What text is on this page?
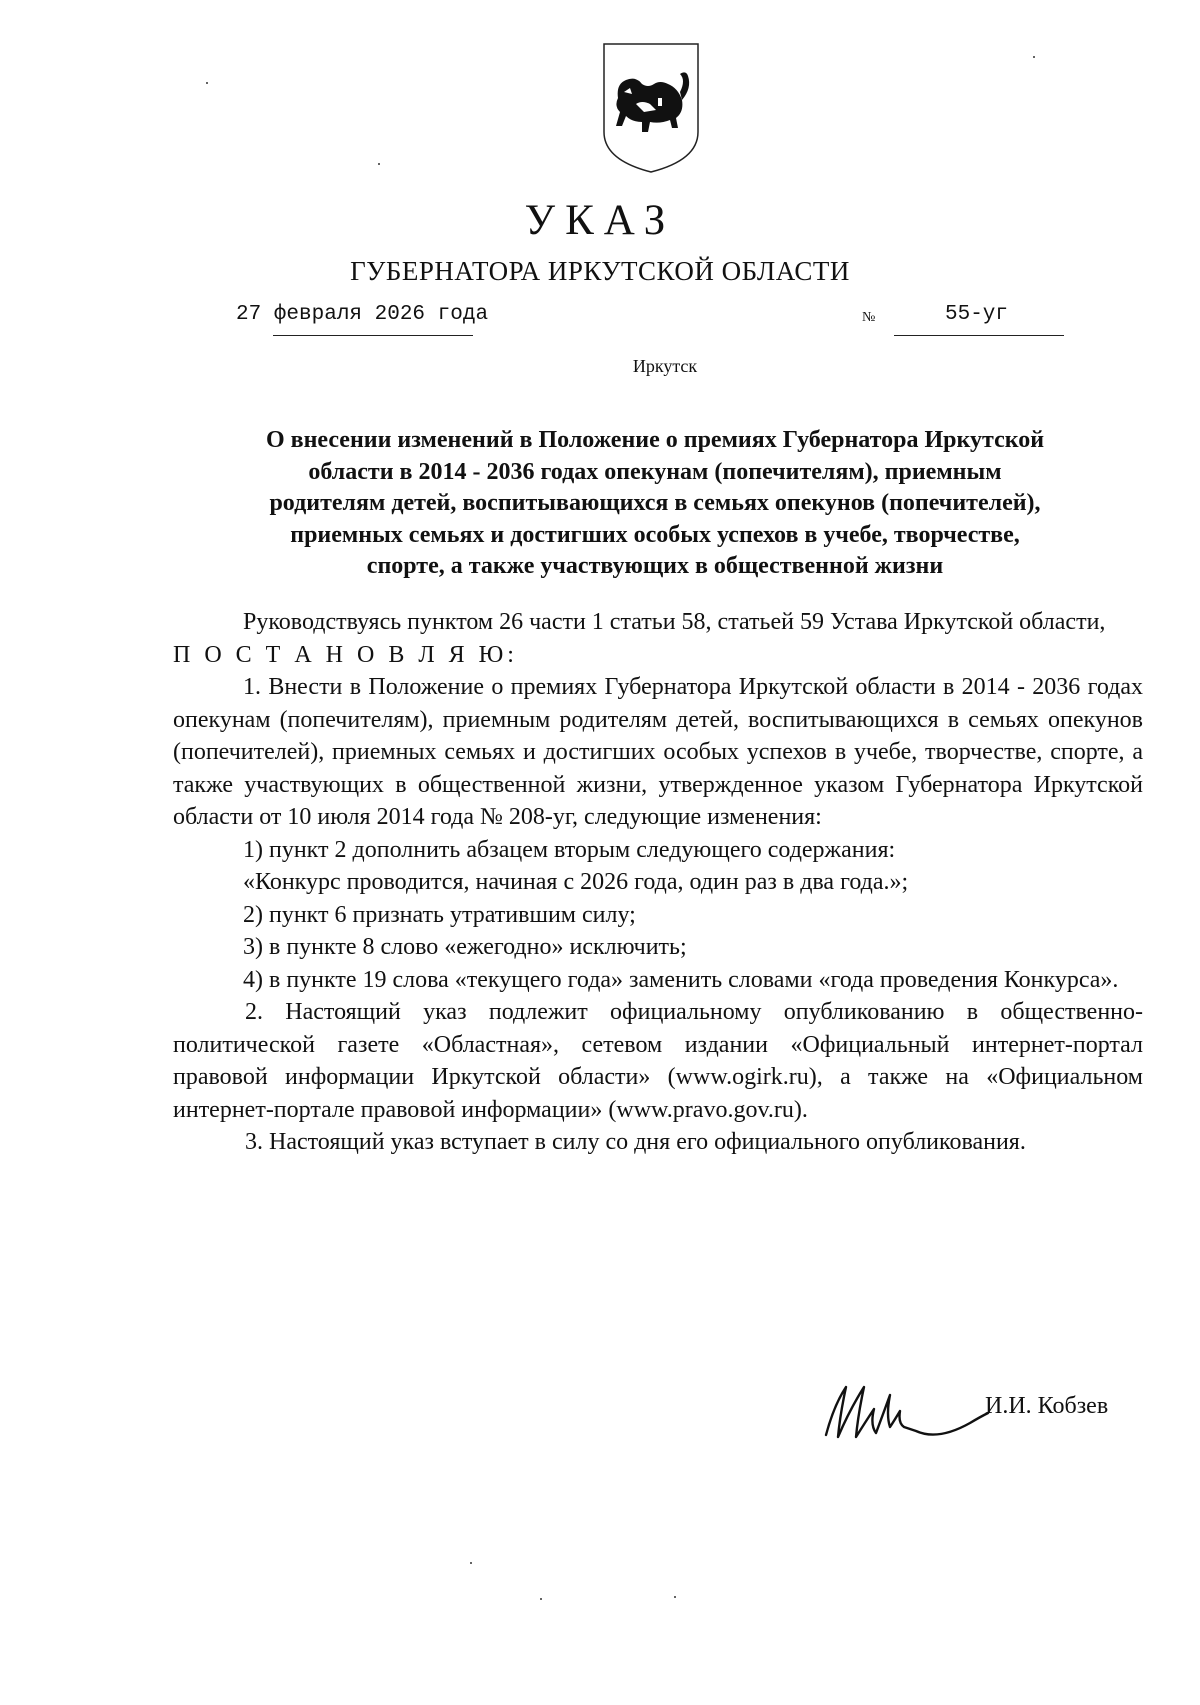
УКАЗ
ГУБЕРНАТОРА ИРКУТСКОЙ ОБЛАСТИ
27 февраля 2026 года	№	55-уг
Иркутск
О внесении изменений в Положение о премиях Губернатора Иркутской
области в 2014 - 2036 годах опекунам (попечителям), приемным
родителям детей, воспитывающихся в семьях опекунов (попечителей),
приемных семьях и достигших особых успехов в учебе, творчестве,
спорте, а также участвующих в общественной жизни

Руководствуясь пунктом 26 части 1 статьи 58, статьей 59 Устава Иркутской области,

П О С Т А Н О В Л Я Ю:

1. Внести в Положение о премиях Губернатора Иркутской области в 2014 - 2036 годах опекунам (попечителям), приемным родителям детей, воспитывающихся в семьях опекунов (попечителей), приемных семьях и достигших особых успехов в учебе, творчестве, спорте, а также участвующих в общественной жизни, утвержденное указом Губернатора Иркутской области от 10 июля 2014 года № 208-уг, следующие изменения:

1) пункт 2 дополнить абзацем вторым следующего содержания:

«Конкурс проводится, начиная с 2026 года, один раз в два года.»;

2) пункт 6 признать утратившим силу;

3) в пункте 8 слово «ежегодно» исключить;

4) в пункте 19 слова «текущего года» заменить словами «года проведения Конкурса».

2. Настоящий указ подлежит официальному опубликованию в общественно-политической газете «Областная», сетевом издании «Официальный интернет-портал правовой информации Иркутской области» (www.ogirk.ru), а также на «Официальном интернет-портале правовой информации» (www.pravo.gov.ru).

3. Настоящий указ вступает в силу со дня его официального опубликования.

И.И. Кобзев
